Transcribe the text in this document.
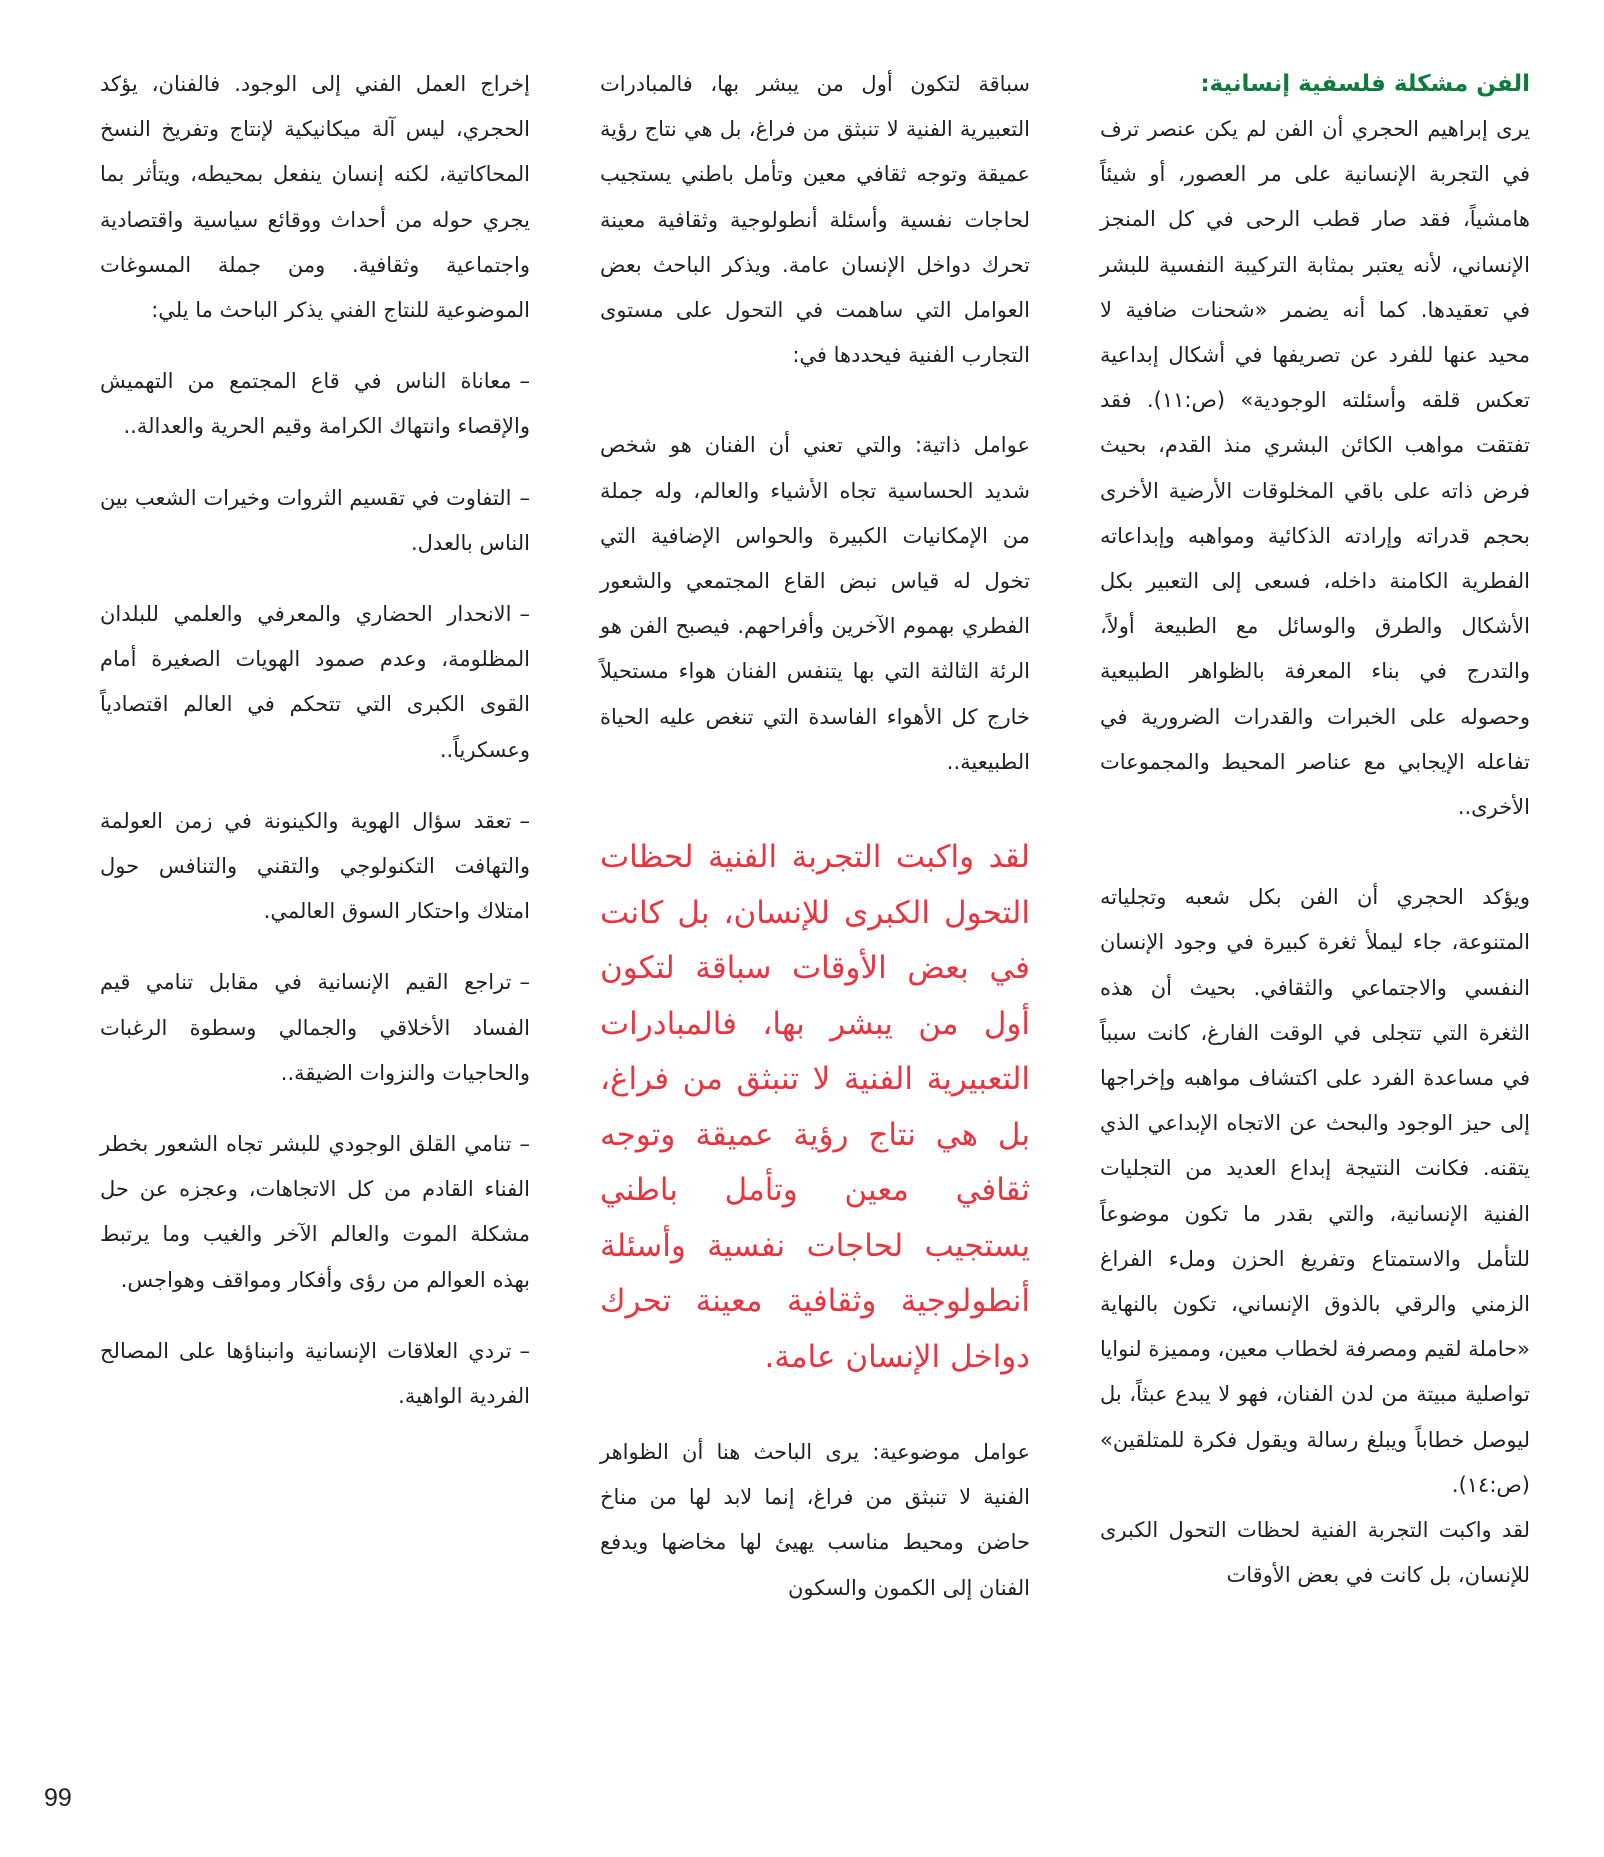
الفن مشكلة فلسفية إنسانية:

يرى إبراهيم الحجري أن الفن لم يكن عنصر ترف في التجربة الإنسانية على مر العصور، أو شيئاً هامشياً، فقد صار قطب الرحى في كل المنجز الإنساني، لأنه يعتبر بمثابة التركيبة النفسية للبشر في تعقيدها. كما أنه يضمر «شحنات ضافية لا محيد عنها للفرد عن تصريفها في أشكال إبداعية تعكس قلقه وأسئلته الوجودية» (ص:١١). فقد تفتقت مواهب الكائن البشري منذ القدم، بحيث فرض ذاته على باقي المخلوقات الأرضية الأخرى بحجم قدراته وإرادته الذكائية ومواهبه وإبداعاته الفطرية الكامنة داخله، فسعى إلى التعبير بكل الأشكال والطرق والوسائل مع الطبيعة أولاً، والتدرج في بناء المعرفة بالظواهر الطبيعية وحصوله على الخبرات والقدرات الضرورية في تفاعله الإيجابي مع عناصر المحيط والمجموعات الأخرى..

ويؤكد الحجري أن الفن بكل شعبه وتجلياته المتنوعة، جاء ليملأ ثغرة كبيرة في وجود الإنسان النفسي والاجتماعي والثقافي. بحيث أن هذه الثغرة التي تتجلى في الوقت الفارغ، كانت سبباً في مساعدة الفرد على اكتشاف مواهبه وإخراجها إلى حيز الوجود والبحث عن الاتجاه الإبداعي الذي يتقنه. فكانت النتيجة إبداع العديد من التجليات الفنية الإنسانية، والتي بقدر ما تكون موضوعاً للتأمل والاستمتاع وتفريغ الحزن وملء الفراغ الزمني والرقي بالذوق الإنساني، تكون بالنهاية «حاملة لقيم ومصرفة لخطاب معين، ومميزة لنوايا تواصلية مبيتة من لدن الفنان، فهو لا يبدع عبثاً، بل ليوصل خطاباً ويبلغ رسالة ويقول فكرة للمتلقين» (ص:١٤).

لقد واكبت التجربة الفنية لحظات التحول الكبرى للإنسان، بل كانت في بعض الأوقات

سباقة لتكون أول من يبشر بها، فالمبادرات التعبيرية الفنية لا تنبثق من فراغ، بل هي نتاج رؤية عميقة وتوجه ثقافي معين وتأمل باطني يستجيب لحاجات نفسية وأسئلة أنطولوجية وثقافية معينة تحرك دواخل الإنسان عامة. ويذكر الباحث بعض العوامل التي ساهمت في التحول على مستوى التجارب الفنية فيحددها في:

عوامل ذاتية: والتي تعني أن الفنان هو شخص شديد الحساسية تجاه الأشياء والعالم، وله جملة من الإمكانيات الكبيرة والحواس الإضافية التي تخول له قياس نبض القاع المجتمعي والشعور الفطري بهموم الآخرين وأفراحهم. فيصبح الفن هو الرئة الثالثة التي بها يتنفس الفنان هواء مستحيلاً خارج كل الأهواء الفاسدة التي تنغص عليه الحياة الطبيعية..

لقد واكبت التجربة الفنية لحظات التحول الكبرى للإنسان، بل كانت في بعض الأوقات سباقة لتكون أول من يبشر بها، فالمبادرات التعبيرية الفنية لا تنبثق من فراغ، بل هي نتاج رؤية عميقة وتوجه ثقافي معين وتأمل باطني يستجيب لحاجات نفسية وأسئلة أنطولوجية وثقافية معينة تحرك دواخل الإنسان عامة.

عوامل موضوعية: يرى الباحث هنا أن الظواهر الفنية لا تنبثق من فراغ، إنما لابد لها من مناخ حاضن ومحيط مناسب يهيئ لها مخاضها ويدفع الفنان إلى الكمون والسكون

إخراج العمل الفني إلى الوجود. فالفنان، يؤكد الحجري، ليس آلة ميكانيكية لإنتاج وتفريخ النسخ المحاكاتية، لكنه إنسان ينفعل بمحيطه، ويتأثر بما يجري حوله من أحداث ووقائع سياسية واقتصادية واجتماعية وثقافية. ومن جملة المسوغات الموضوعية للنتاج الفني يذكر الباحث ما يلي:

–معاناة الناس في قاع المجتمع من التهميش والإقصاء وانتهاك الكرامة وقيم الحرية والعدالة..

–التفاوت في تقسيم الثروات وخيرات الشعب بين الناس بالعدل.

–الانحدار الحضاري والمعرفي والعلمي للبلدان المظلومة، وعدم صمود الهويات الصغيرة أمام القوى الكبرى التي تتحكم في العالم اقتصادياً وعسكرياً..

–تعقد سؤال الهوية والكينونة في زمن العولمة والتهافت التكنولوجي والتقني والتنافس حول امتلاك واحتكار السوق العالمي.

–تراجع القيم الإنسانية في مقابل تنامي قيم الفساد الأخلاقي والجمالي وسطوة الرغبات والحاجيات والنزوات الضيقة..

–تنامي القلق الوجودي للبشر تجاه الشعور بخطر الفناء القادم من كل الاتجاهات، وعجزه عن حل مشكلة الموت والعالم الآخر والغيب وما يرتبط بهذه العوالم من رؤى وأفكار ومواقف وهواجس.

–تردي العلاقات الإنسانية وانبناؤها على المصالح الفردية الواهية.

99
